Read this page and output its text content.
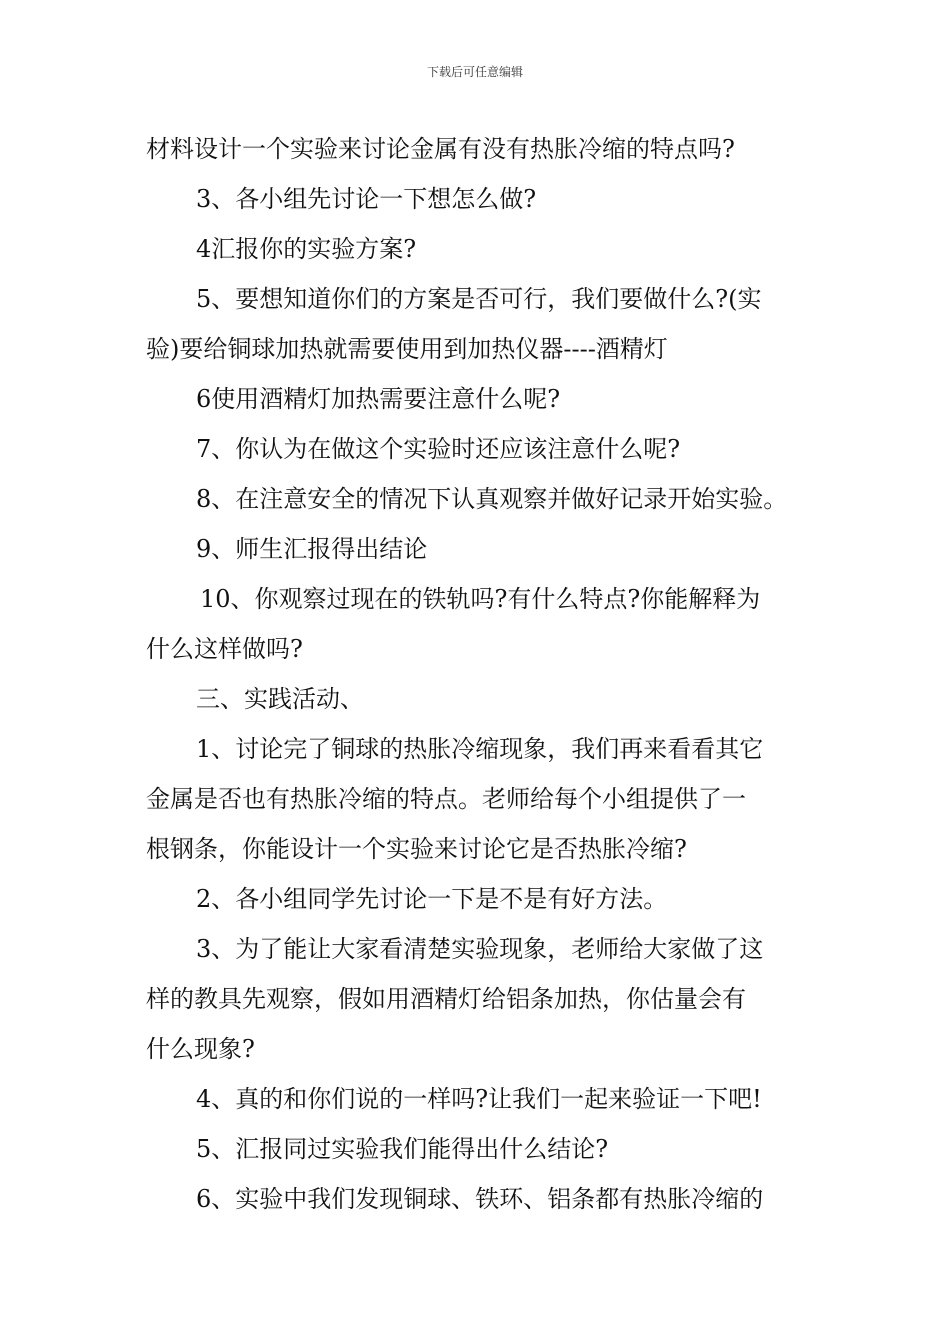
下载后可任意编辑
材料设计一个实验来讨论金属有没有热胀冷缩的特点吗?
3、各小组先讨论一下想怎么做?
4汇报你的实验方案?
5、要想知道你们的方案是否可行，我们要做什么?(实
验)要给铜球加热就需要使用到加热仪器----酒精灯
6使用酒精灯加热需要注意什么呢?
7、你认为在做这个实验时还应该注意什么呢?
8、在注意安全的情况下认真观察并做好记录开始实验。
9、师生汇报得出结论
10、你观察过现在的铁轨吗?有什么特点?你能解释为
什么这样做吗?
三、实践活动、
1、讨论完了铜球的热胀冷缩现象，我们再来看看其它
金属是否也有热胀冷缩的特点。老师给每个小组提供了一
根钢条，你能设计一个实验来讨论它是否热胀冷缩?
2、各小组同学先讨论一下是不是有好方法。
3、为了能让大家看清楚实验现象，老师给大家做了这
样的教具先观察，假如用酒精灯给铝条加热，你估量会有
什么现象?
4、真的和你们说的一样吗?让我们一起来验证一下吧!
5、汇报同过实验我们能得出什么结论?
6、实验中我们发现铜球、铁环、铝条都有热胀冷缩的
